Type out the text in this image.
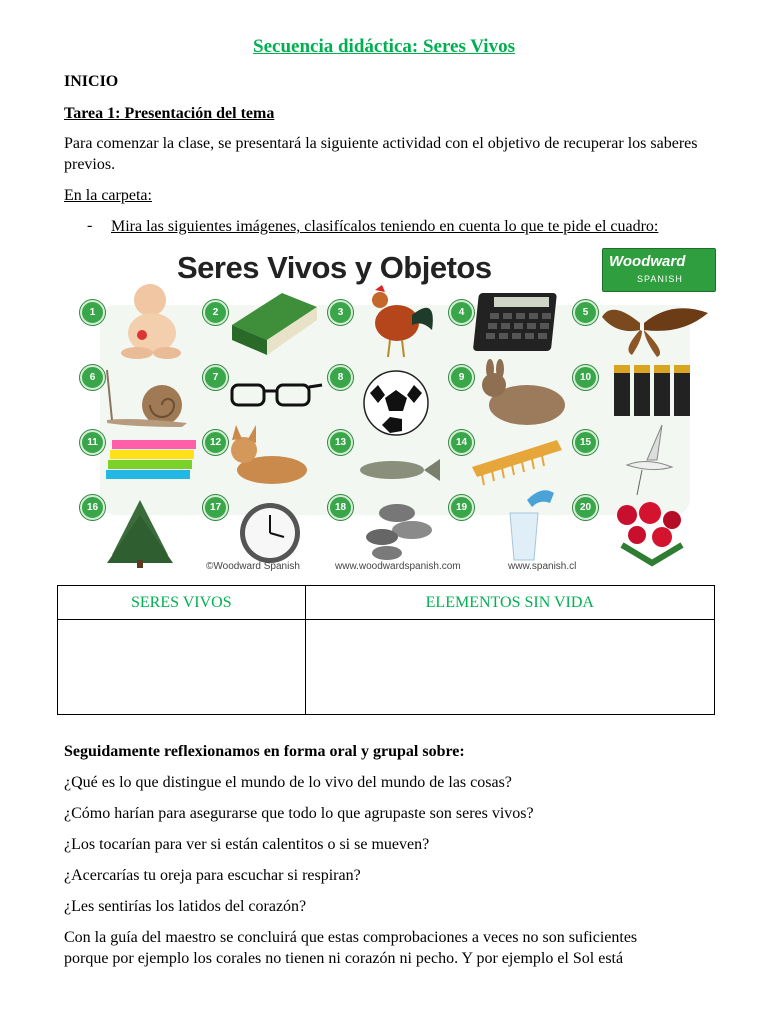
Secuencia didáctica: Seres Vivos
INICIO
Tarea 1: Presentación del tema
Para comenzar la clase, se presentará la siguiente actividad con el objetivo de recuperar los saberes previos.
En la carpeta:
- Mira las siguientes imágenes, clasifícalos teniendo en cuenta lo que te pide el cuadro:
Seres Vivos y Objetos	Woodward
SPANISH
1	2	3	4	5
6	7	8	9	10
11	12	13	14	15
16	17	18	19	20
©Woodward Spanish	www.woodwardspanish.com	www.spanish.cl
SERES VIVOS	ELEMENTOS SIN VIDA

Seguidamente reflexionamos en forma oral y grupal sobre:
¿Qué es lo que distingue el mundo de lo vivo del mundo de las cosas?
¿Cómo harían para asegurarse que todo lo que agrupaste son seres vivos?
¿Los tocarían para ver si están calentitos o si se mueven?
¿Acercarías tu oreja para escuchar si respiran?
¿Les sentirías los latidos del corazón?
Con la guía del maestro se concluirá que estas comprobaciones a veces no son suficientes
porque por ejemplo los corales no tienen ni corazón ni pecho. Y por ejemplo el Sol está
